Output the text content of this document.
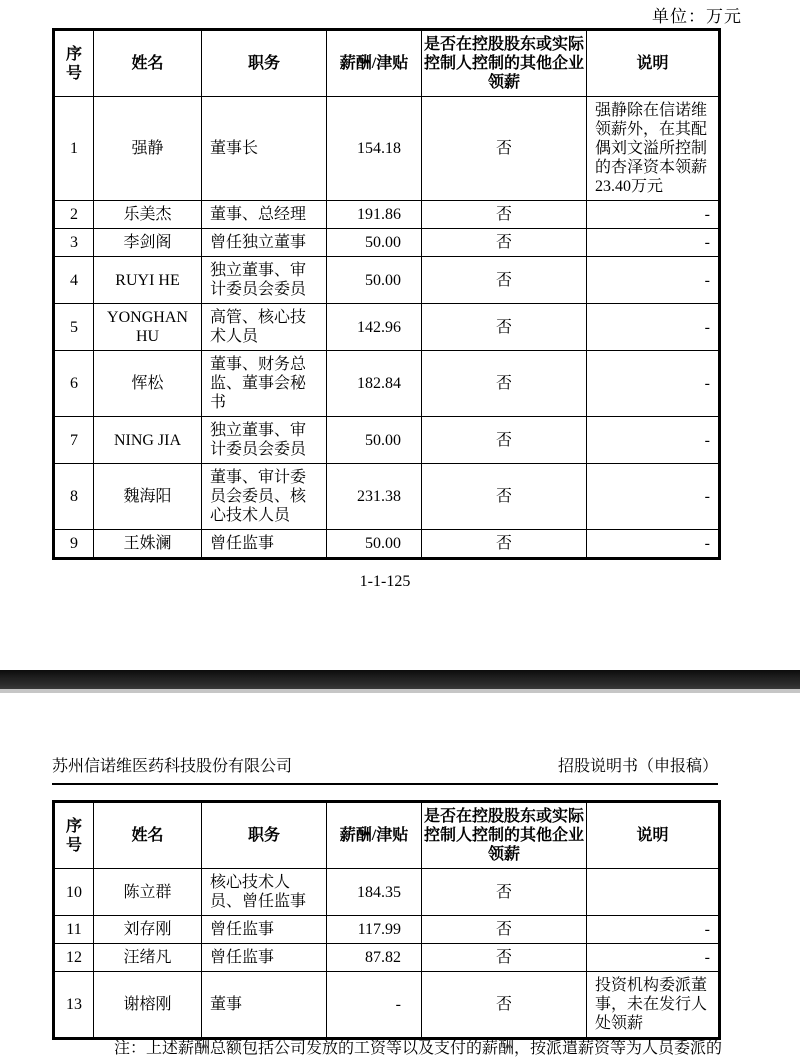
单位：万元
序号	姓名	职务	薪酬/津贴	是否在控股股东或实际控制人控制的其他企业领薪	说明
1	强静	董事长	154.18	否	强静除在信诺维领薪外，在其配偶刘文溢所控制的杏泽资本领薪23.40万元
2	乐美杰	董事、总经理	191.86	否	-
3	李剑阁	曾任独立董事	50.00	否	-
4	RUYI HE	独立董事、审计委员会委员	50.00	否	-
5	YONGHAN HU	高管、核心技术人员	142.96	否	-
6	恽松	董事、财务总监、董事会秘书	182.84	否	-
7	NING JIA	独立董事、审计委员会委员	50.00	否	-
8	魏海阳	董事、审计委员会委员、核心技术人员	231.38	否	-
9	王姝澜	曾任监事	50.00	否	-
1-1-125
苏州信诺维医药科技股份有限公司	招股说明书（申报稿）
序号	姓名	职务	薪酬/津贴	是否在控股股东或实际控制人控制的其他企业领薪	说明
10	陈立群	核心技术人员、曾任监事	184.35	否	
11	刘存刚	曾任监事	117.99	否	-
12	汪绪凡	曾任监事	87.82	否	-
13	谢榕刚	董事	-	否	投资机构委派董事，未在发行人处领薪
注：上述薪酬总额包括公司发放的工资等以及支付的薪酬，按派遣薪资等为人员委派的
